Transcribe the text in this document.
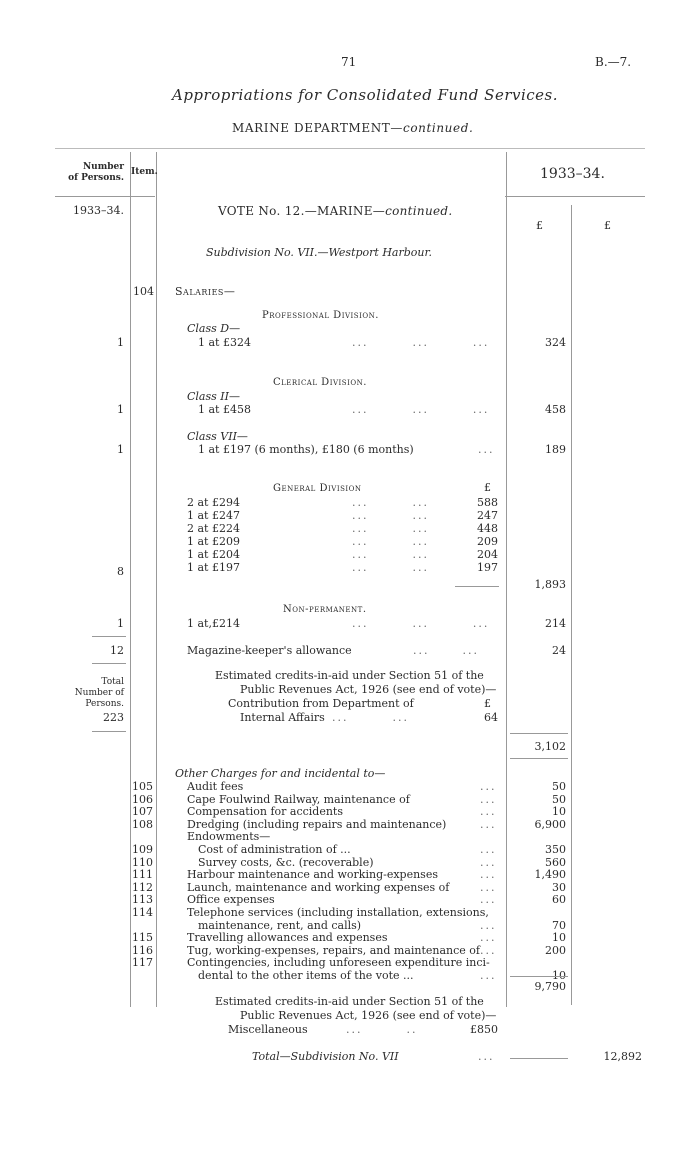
71	B.—7.
Appropriations for Consolidated Fund Services.
MARINE DEPARTMENT—continued.
Number
of Persons.
Item.	1933–34.
1933–34.
£	£
VOTE No. 12.—MARINE—continued.
Subdivision No. VII.—Westport Harbour.
104 Salaries—
Professional Division.
Class D—
1	1 at £324	...        ...        ...	324
Clerical Division.
Class II—
1	1 at £458	...        ...        ...	458
Class VII—
1	1 at £197 (6 months), £180 (6 months)	...	189
General Division	£
2 at £294	...        ...	588
1 at £247	...        ...	247
2 at £224	...        ...	448
1 at £209	...        ...	209
1 at £204	...        ...	204
1 at £197	...        ...	197
8
1,893
Non-permanent.
1	1 at,£214	...        ...        ...	214
12	Magazine-keeper's allowance	...      ...	24
Estimated credits-in-aid under Section 51 of the
Public Revenues Act, 1926 (see end of vote)—
Contribution from Department of	£
Internal Affairs ...        ...	64
Total
Number of
Persons.
223
3,102
Other Charges for and incidental to—
105	Audit fees	...	50
106	Cape Foulwind Railway, maintenance of	...	50
107	Compensation for accidents	...	10
108	Dredging (including repairs and maintenance)	...	6,900
Endowments—
109	Cost of administration of ...	...	350
110	Survey costs, &c. (recoverable)	...	560
111	Harbour maintenance and working-expenses	...	1,490
112	Launch, maintenance and working expenses of	...	30
113	Office expenses	...	60
114	Telephone services (including installation, extensions,
maintenance, rent, and calls)	...	70
115	Travelling allowances and expenses	...	10
116	Tug, working-expenses, repairs, and maintenance of ...	200
117	Contingencies, including unforeseen expenditure inci-
dental to the other items of the vote ...	...	10
9,790
Estimated credits-in-aid under Section 51 of the
Public Revenues Act, 1926 (see end of vote)—
Miscellaneous	...        ..	£850
Total—Subdivision No. VII	...	12,892
